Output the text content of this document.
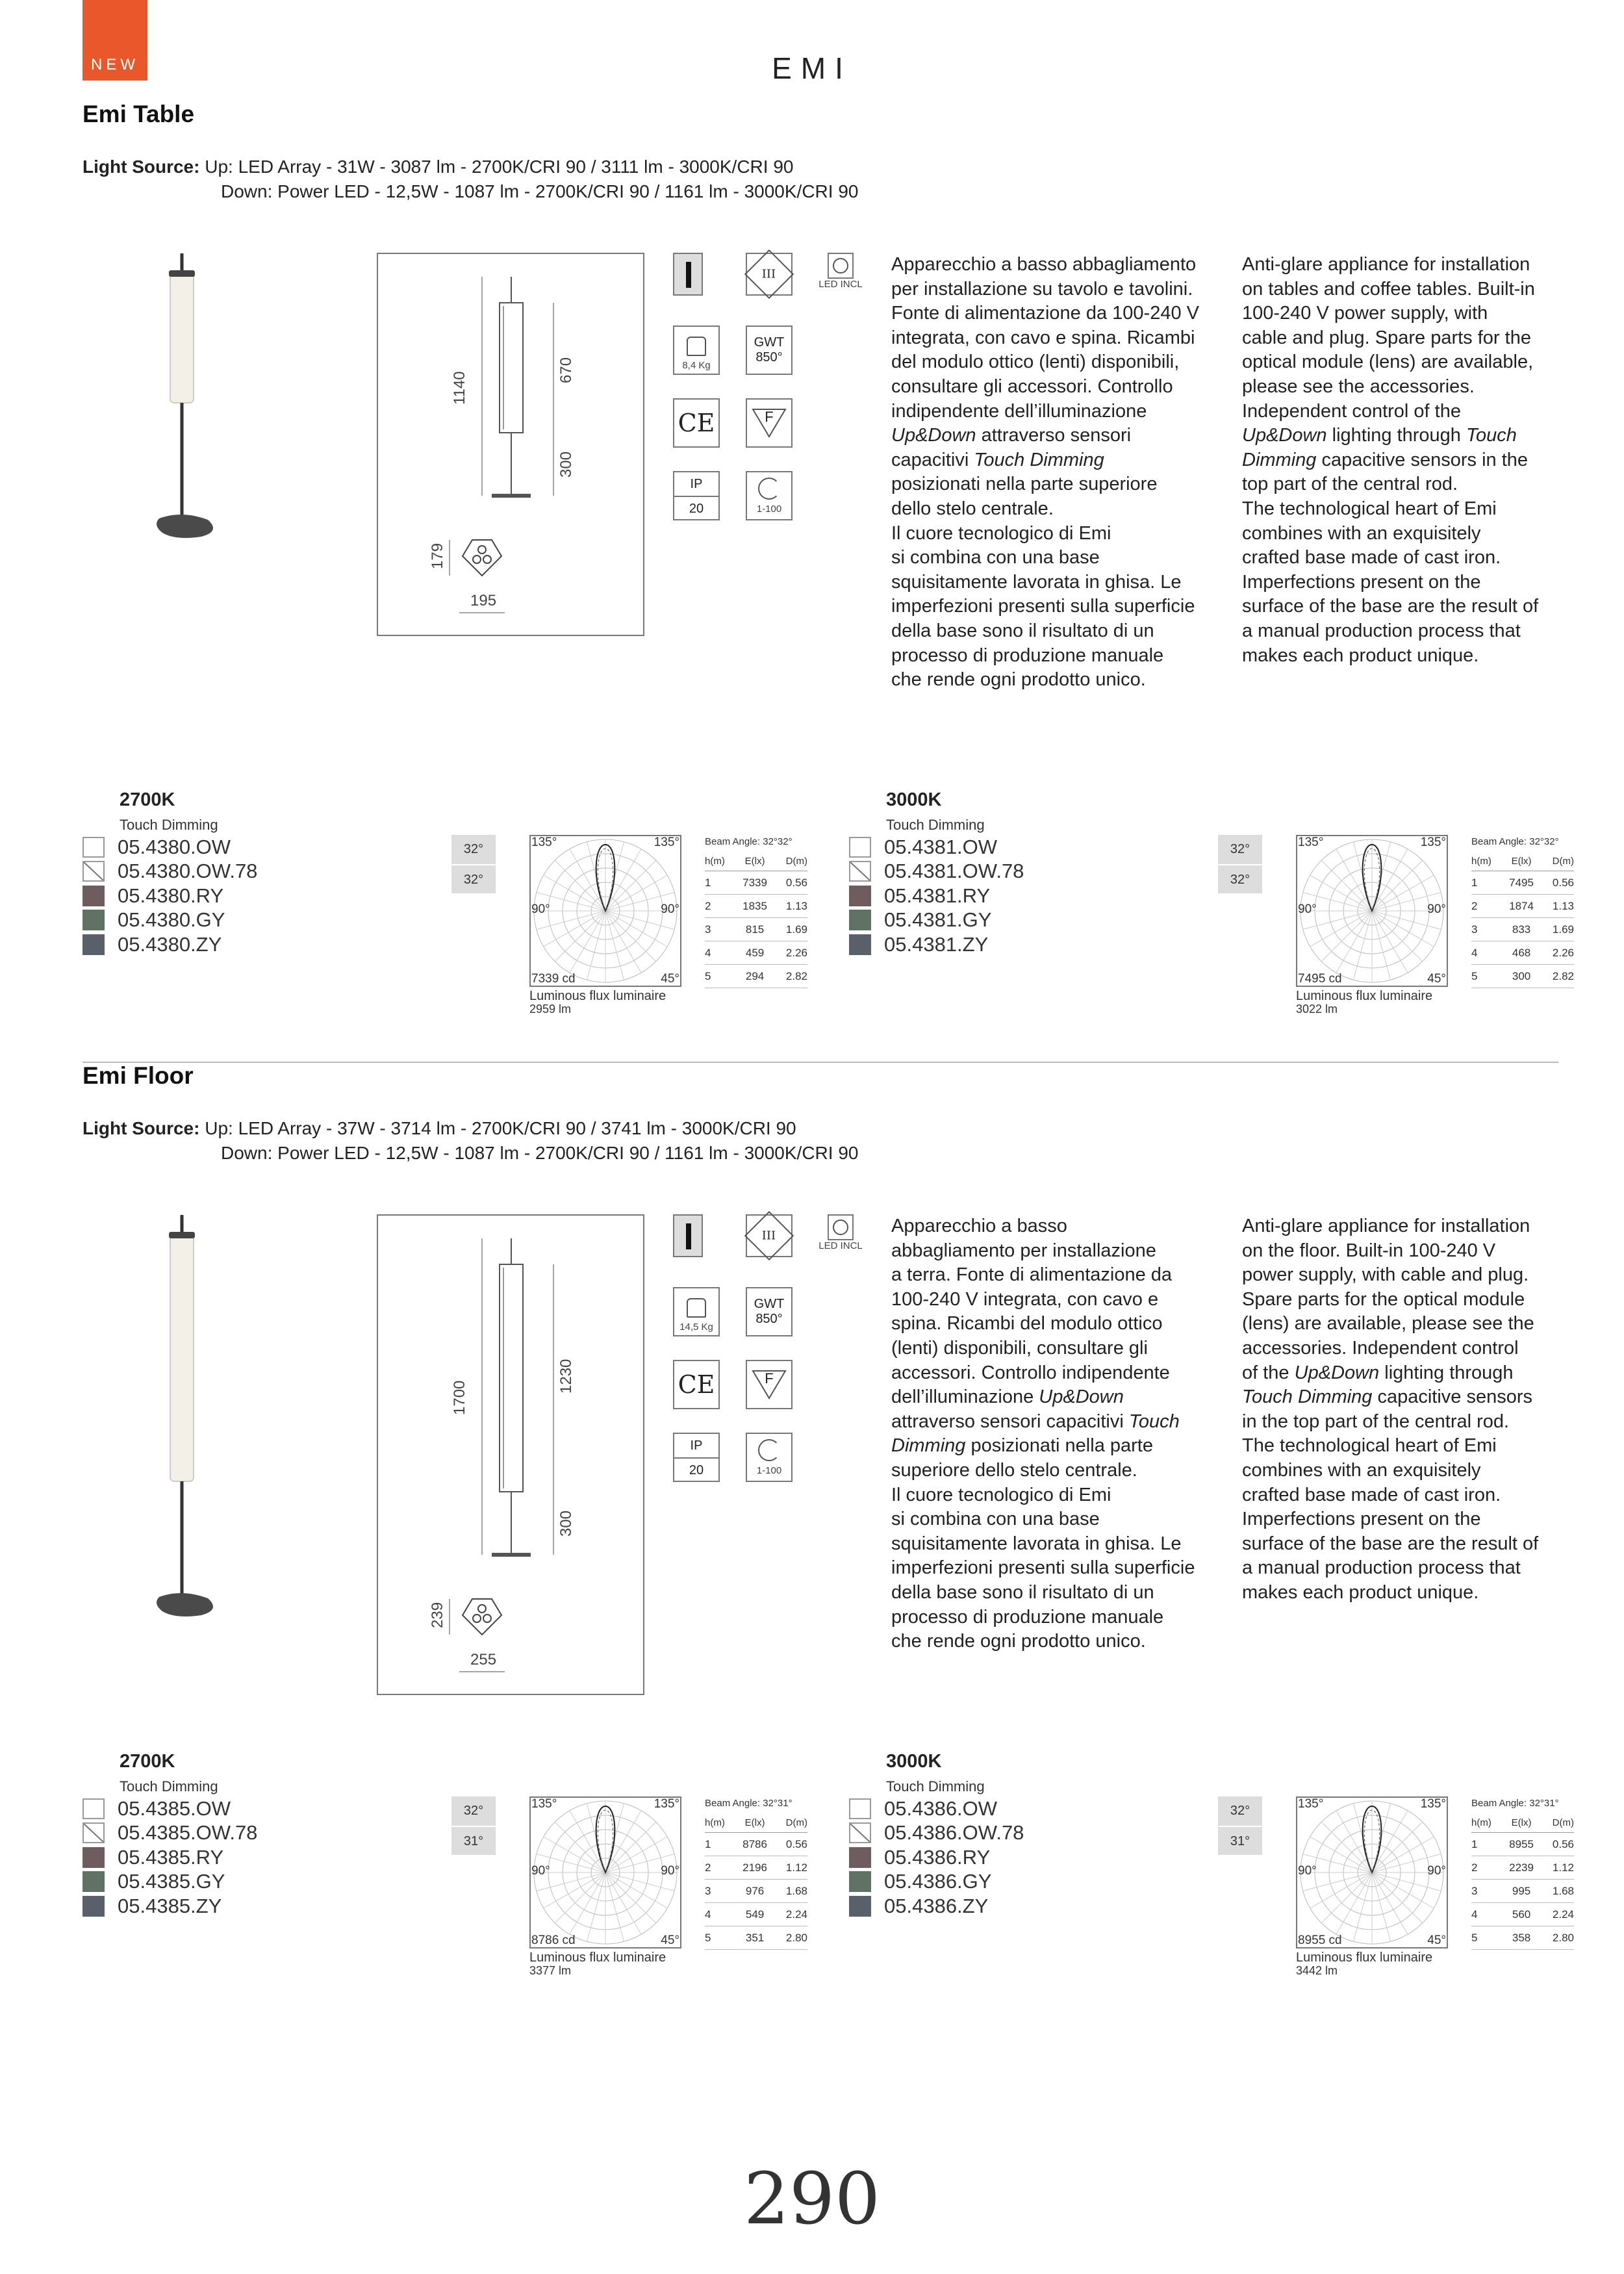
NEW	EMI
290
Emi Table
Light Source: Up: LED Array - 31W - 3087 lm - 2700K/CRI 90 / 3111 lm - 3000K/CRI 90
Down: Power LED - 12,5W - 1087 lm - 2700K/CRI 90 / 1161 lm - 3000K/CRI 90
1140
670
300
179
195
III
LED INCL
8,4 Kg
GWT
850°
CE	F
IP
20	1-100
Apparecchio a basso abbagliamento
per installazione su tavolo e tavolini.
Fonte di alimentazione da 100-240 V
integrata, con cavo e spina. Ricambi
del modulo ottico (lenti) disponibili,
consultare gli accessori. Controllo
indipendente dell’illuminazione
Up&Down attraverso sensori
capacitivi Touch Dimming
posizionati nella parte superiore
dello stelo centrale.
Il cuore tecnologico di Emi
si combina con una base
squisitamente lavorata in ghisa. Le
imperfezioni presenti sulla superficie
della base sono il risultato di un
processo di produzione manuale
che rende ogni prodotto unico.
Anti-glare appliance for installation
on tables and coffee tables. Built-in
100-240 V power supply, with
cable and plug. Spare parts for the
optical module (lens) are available,
please see the accessories.
Independent control of the
Up&Down lighting through Touch
Dimming capacitive sensors in the
top part of the central rod.
The technological heart of Emi
combines with an exquisitely
crafted base made of cast iron.
Imperfections present on the
surface of the base are the result of
a manual production process that
makes each product unique.
2700K
Touch Dimming
05.4380.OW
05.4380.OW.78
05.4380.RY
05.4380.GY
05.4380.ZY
32°
32°
135°	135°
90°	90°
7339 cd	45°
Luminous flux luminaire
2959 lm
Beam Angle: 32°32°
h(m)	E(lx)	D(m)
1	7339	0.56
2	1835	1.13
3	815	1.69
4	459	2.26
5	294	2.82
3000K
Touch Dimming
05.4381.OW
05.4381.OW.78
05.4381.RY
05.4381.GY
05.4381.ZY
32°
32°
135°	135°
90°	90°
7495 cd	45°
Luminous flux luminaire
3022 lm
Beam Angle: 32°32°
h(m)	E(lx)	D(m)
1	7495	0.56
2	1874	1.13
3	833	1.69
4	468	2.26
5	300	2.82
Emi Floor
Light Source: Up: LED Array - 37W - 3714 lm - 2700K/CRI 90 / 3741 lm - 3000K/CRI 90
Down: Power LED - 12,5W - 1087 lm - 2700K/CRI 90 / 1161 lm - 3000K/CRI 90
1700
1230
300
239
255
III
LED INCL
14,5 Kg
GWT
850°
CE	F
IP
20	1-100
Apparecchio a basso
abbagliamento per installazione
a terra. Fonte di alimentazione da
100-240 V integrata, con cavo e
spina. Ricambi del modulo ottico
(lenti) disponibili, consultare gli
accessori. Controllo indipendente
dell’illuminazione Up&Down
attraverso sensori capacitivi Touch
Dimming posizionati nella parte
superiore dello stelo centrale.
Il cuore tecnologico di Emi
si combina con una base
squisitamente lavorata in ghisa. Le
imperfezioni presenti sulla superficie
della base sono il risultato di un
processo di produzione manuale
che rende ogni prodotto unico.
Anti-glare appliance for installation
on the floor. Built-in 100-240 V
power supply, with cable and plug.
Spare parts for the optical module
(lens) are available, please see the
accessories. Independent control
of the Up&Down lighting through
Touch Dimming capacitive sensors
in the top part of the central rod.
The technological heart of Emi
combines with an exquisitely
crafted base made of cast iron.
Imperfections present on the
surface of the base are the result of
a manual production process that
makes each product unique.
2700K
Touch Dimming
05.4385.OW
05.4385.OW.78
05.4385.RY
05.4385.GY
05.4385.ZY
32°
31°
135°	135°
90°	90°
8786 cd	45°
Luminous flux luminaire
3377 lm
Beam Angle: 32°31°
h(m)	E(lx)	D(m)
1	8786	0.56
2	2196	1.12
3	976	1.68
4	549	2.24
5	351	2.80
3000K
Touch Dimming
05.4386.OW
05.4386.OW.78
05.4386.RY
05.4386.GY
05.4386.ZY
32°
31°
135°	135°
90°	90°
8955 cd	45°
Luminous flux luminaire
3442 lm
Beam Angle: 32°31°
h(m)	E(lx)	D(m)
1	8955	0.56
2	2239	1.12
3	995	1.68
4	560	2.24
5	358	2.80
